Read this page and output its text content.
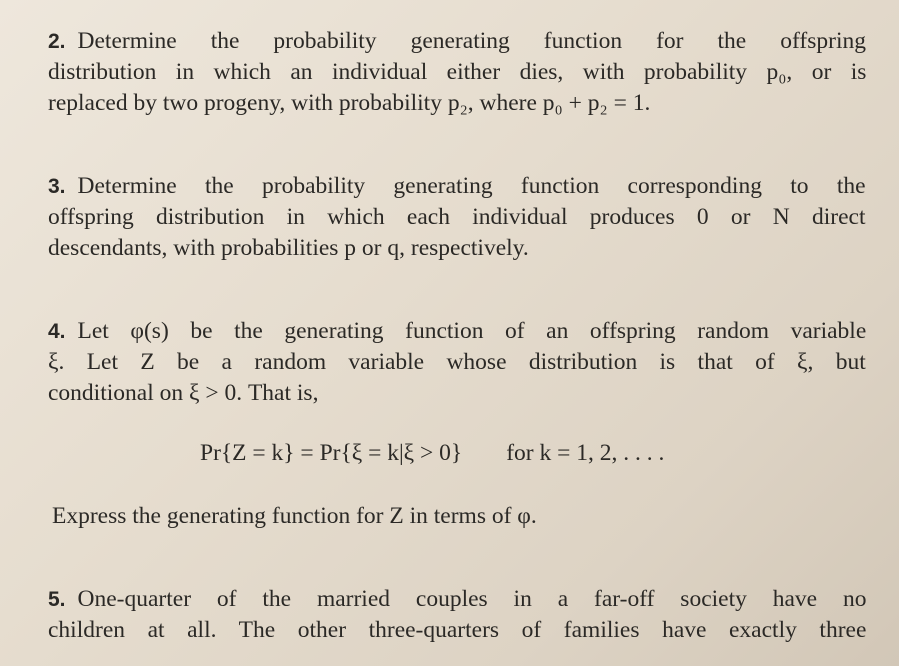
2. Determine the probability generating function for the offspring
distribution in which an individual either dies, with probability p₀, or is
replaced by two progeny, with probability p₂, where p₀ + p₂ = 1.
3. Determine the probability generating function corresponding to the
offspring distribution in which each individual produces 0 or N direct
descendants, with probabilities p or q, respectively.
4. Let φ(s) be the generating function of an offspring random variable
ξ. Let Z be a random variable whose distribution is that of ξ, but
conditional on ξ > 0. That is,
Pr{Z = k} = Pr{ξ = k|ξ > 0} for k = 1, 2, . . . .
Express the generating function for Z in terms of φ.
5. One-quarter of the married couples in a far-off society have no
children at all. The other three-quarters of families have exactly three
